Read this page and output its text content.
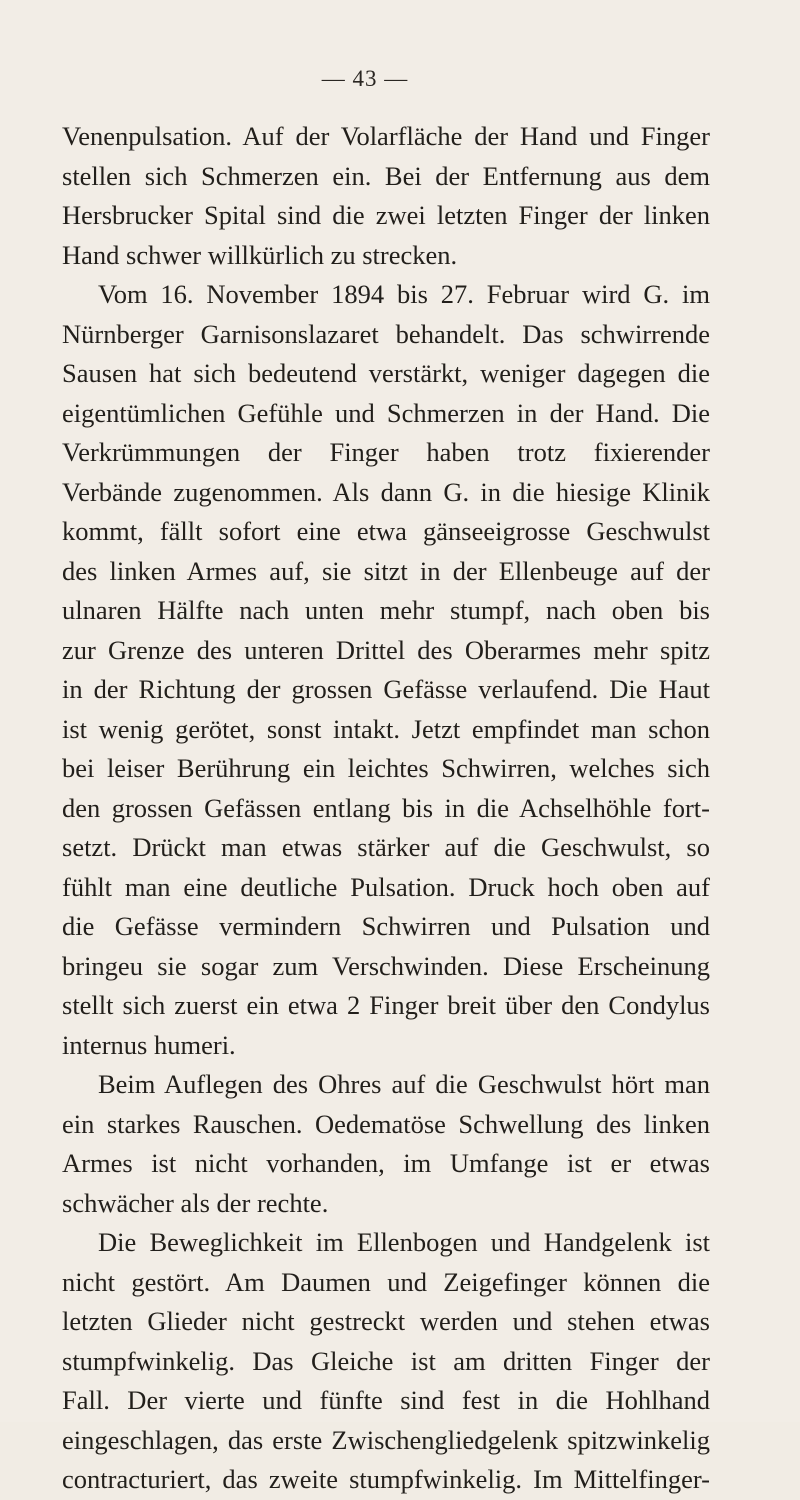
— 43 —
Venenpulsation. Auf der Volarfläche der Hand und Finger
stellen sich Schmerzen ein. Bei der Entfernung aus dem
Hersbrucker Spital sind die zwei letzten Finger der linken
Hand schwer willkürlich zu strecken.
Vom 16. November 1894 bis 27. Februar wird G. im
Nürnberger Garnisonslazaret behandelt. Das schwirrende
Sausen hat sich bedeutend verstärkt, weniger dagegen die
eigentümlichen Gefühle und Schmerzen in der Hand. Die
Verkrümmungen der Finger haben trotz fixierender
Verbände zugenommen. Als dann G. in die hiesige Klinik
kommt, fällt sofort eine etwa gänseeigrosse Geschwulst
des linken Armes auf, sie sitzt in der Ellenbeuge auf der
ulnaren Hälfte nach unten mehr stumpf, nach oben bis
zur Grenze des unteren Drittel des Oberarmes mehr spitz
in der Richtung der grossen Gefässe verlaufend. Die Haut
ist wenig gerötet, sonst intakt. Jetzt empfindet man schon
bei leiser Berührung ein leichtes Schwirren, welches sich
den grossen Gefässen entlang bis in die Achselhöhle fort-
setzt. Drückt man etwas stärker auf die Geschwulst, so
fühlt man eine deutliche Pulsation. Druck hoch oben auf
die Gefässe vermindern Schwirren und Pulsation und
bringeu sie sogar zum Verschwinden. Diese Erscheinung
stellt sich zuerst ein etwa 2 Finger breit über den Condylus
internus humeri.
Beim Auflegen des Ohres auf die Geschwulst hört man
ein starkes Rauschen. Oedematöse Schwellung des linken
Armes ist nicht vorhanden, im Umfange ist er etwas
schwächer als der rechte.
Die Beweglichkeit im Ellenbogen und Handgelenk ist
nicht gestört. Am Daumen und Zeigefinger können die
letzten Glieder nicht gestreckt werden und stehen etwas
stumpfwinkelig. Das Gleiche ist am dritten Finger der
Fall. Der vierte und fünfte sind fest in die Hohlhand
eingeschlagen, das erste Zwischengliedgelenk spitzwinkelig
contracturiert, das zweite stumpfwinkelig. Im Mittelfinger-
